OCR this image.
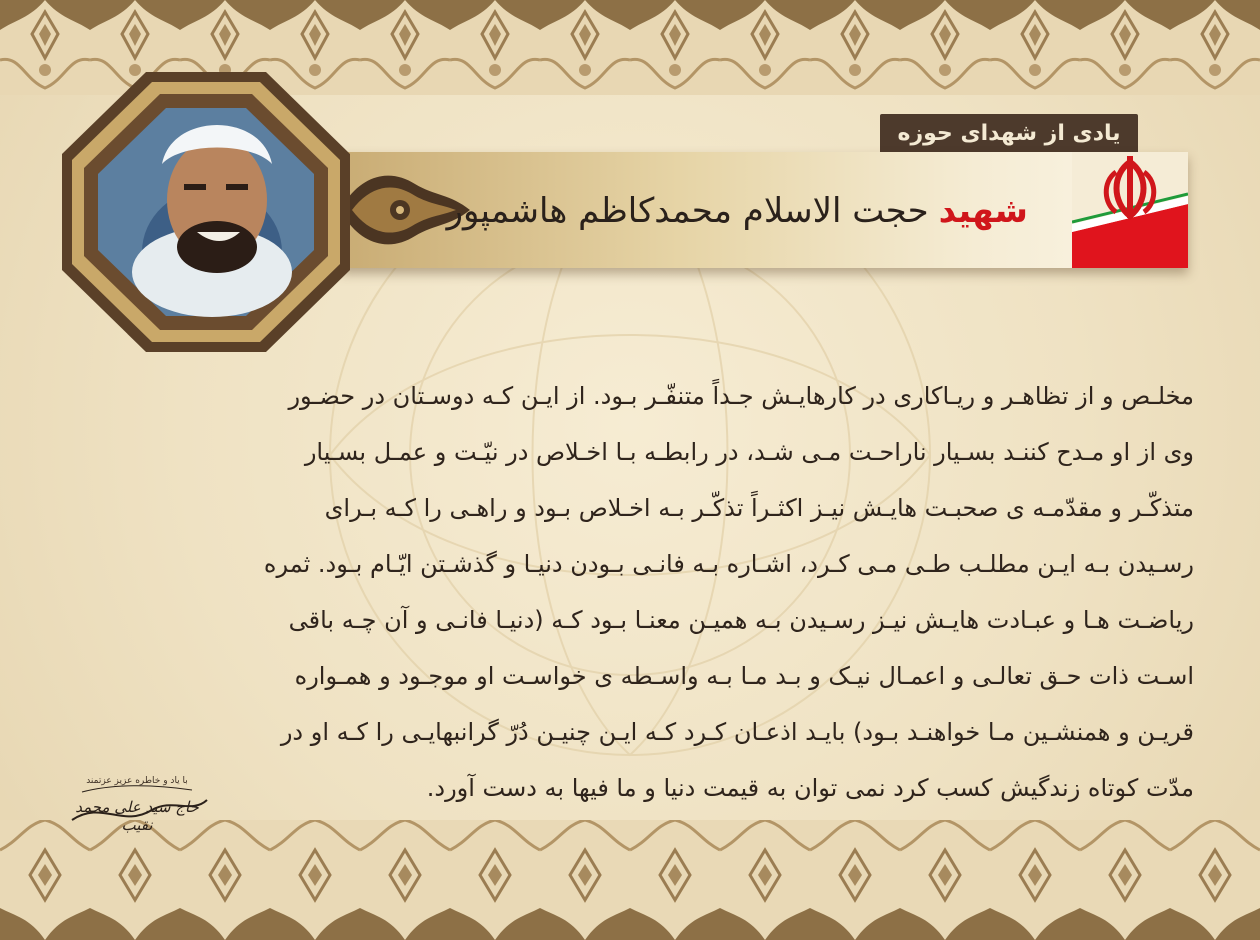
یادی از شهدای حوزه
شهیدحجت الاسلام محمدکاظم هاشمپور
مخلـص و از تظاهـر و ریـاکاری در کارهایـش جـداً متنفّـر بـود. از ایـن کـه دوسـتان در حضـور
وی از او مـدح کننـد بسـیار ناراحـت مـی شـد، در رابطـه بـا اخـلاص در نیّـت و عمـل بسـیار
متذکّـر و مقدّمـه ی صحبـت هایـش نیـز اکثـراً تذکّـر بـه اخـلاص بـود و راهـی را کـه بـرای
رسـیدن بـه ایـن مطلـب طـی مـی کـرد، اشـاره بـه فانـی بـودن دنیـا و گذشـتن ایّـام بـود. ثمره
ریاضـت هـا و عبـادت هایـش نیـز رسـیدن بـه همیـن معنـا بـود کـه (دنیـا فانـی و آن چـه باقی
اسـت ذات حـق تعالـی و اعمـال نیـک و بـد مـا بـه واسـطه ی خواسـت او موجـود و همـواره
قریـن و همنشـین مـا خواهنـد بـود) بایـد اذعـان کـرد کـه ایـن چنیـن دُرّ گرانبهایـی را کـه او در
مدّت کوتاه زندگیش کسب کرد نمی توان به قیمت دنیا و ما فیها به دست آورد.
با یاد و خاطره عزیز عزتمند
حاج سید علی محمد نقیب
